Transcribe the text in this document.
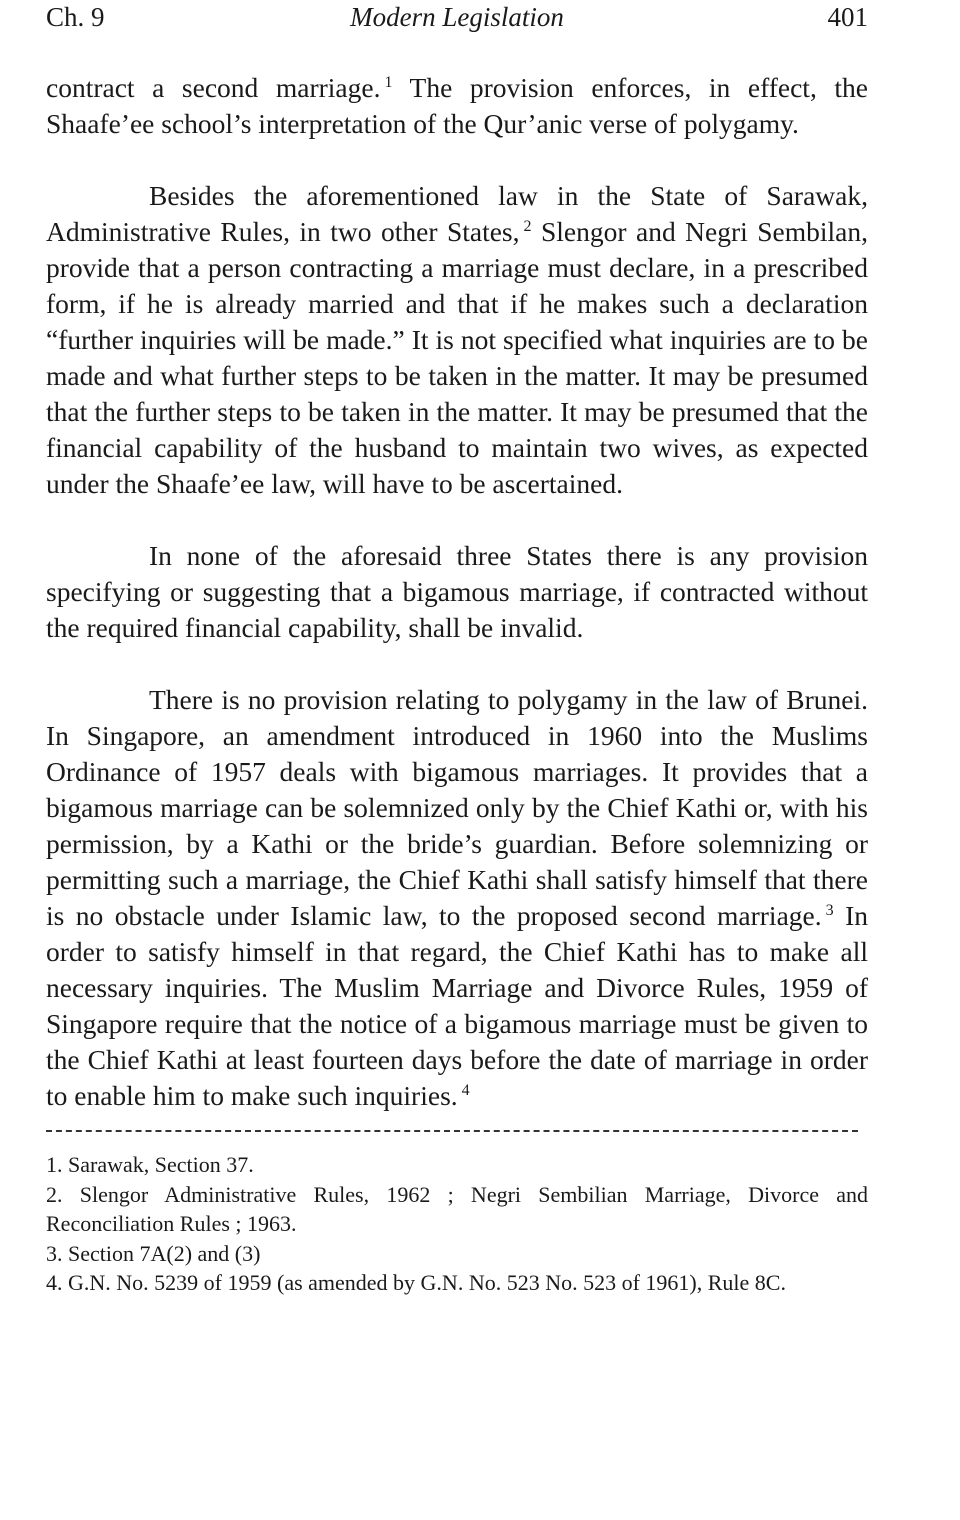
Ch. 9	Modern Legislation	401

contract a second marriage. $^1$ The provision enforces, in effect, the Shaafe’ee school’s interpretation of the Qur’anic verse of polygamy.

Besides the aforementioned law in the State of Sarawak, Administrative Rules, in two other States, $^2$ Slengor and Negri Sembilan, provide that a person contracting a marriage must declare, in a prescribed form, if he is already married and that if he makes such a declaration “further inquiries will be made.” It is not specified what inquiries are to be made and what further steps to be taken in the matter. It may be presumed that the further steps to be taken in the matter. It may be presumed that the financial capability of the husband to maintain two wives, as expected under the Shaafe’ee law, will have to be ascertained.

In none of the aforesaid three States there is any provision specifying or suggesting that a bigamous marriage, if contracted without the required financial capability, shall be invalid.

There is no provision relating to polygamy in the law of Brunei. In Singapore, an amendment introduced in 1960 into the Muslims Ordinance of 1957 deals with bigamous marriages. It provides that a bigamous marriage can be solemnized only by the Chief Kathi or, with his permission, by a Kathi or the bride’s guardian. Before solemnizing or permitting such a marriage, the Chief Kathi shall satisfy himself that there is no obstacle under Islamic law, to the proposed second marriage. $^3$ In order to satisfy himself in that regard, the Chief Kathi has to make all necessary inquiries. The Muslim Marriage and Divorce Rules, 1959 of Singapore require that the notice of a bigamous marriage must be given to the Chief Kathi at least fourteen days before the date of marriage in order to enable him to make such inquiries. $^4$

1. Sarawak, Section 37.

2. Slengor Administrative Rules, 1962 ; Negri Sembilian Marriage, Divorce and Reconciliation Rules ; 1963.

3. Section 7A(2) and (3)

4. G.N. No. 5239 of 1959 (as amended by G.N. No. 523 No. 523 of 1961), Rule 8C.
